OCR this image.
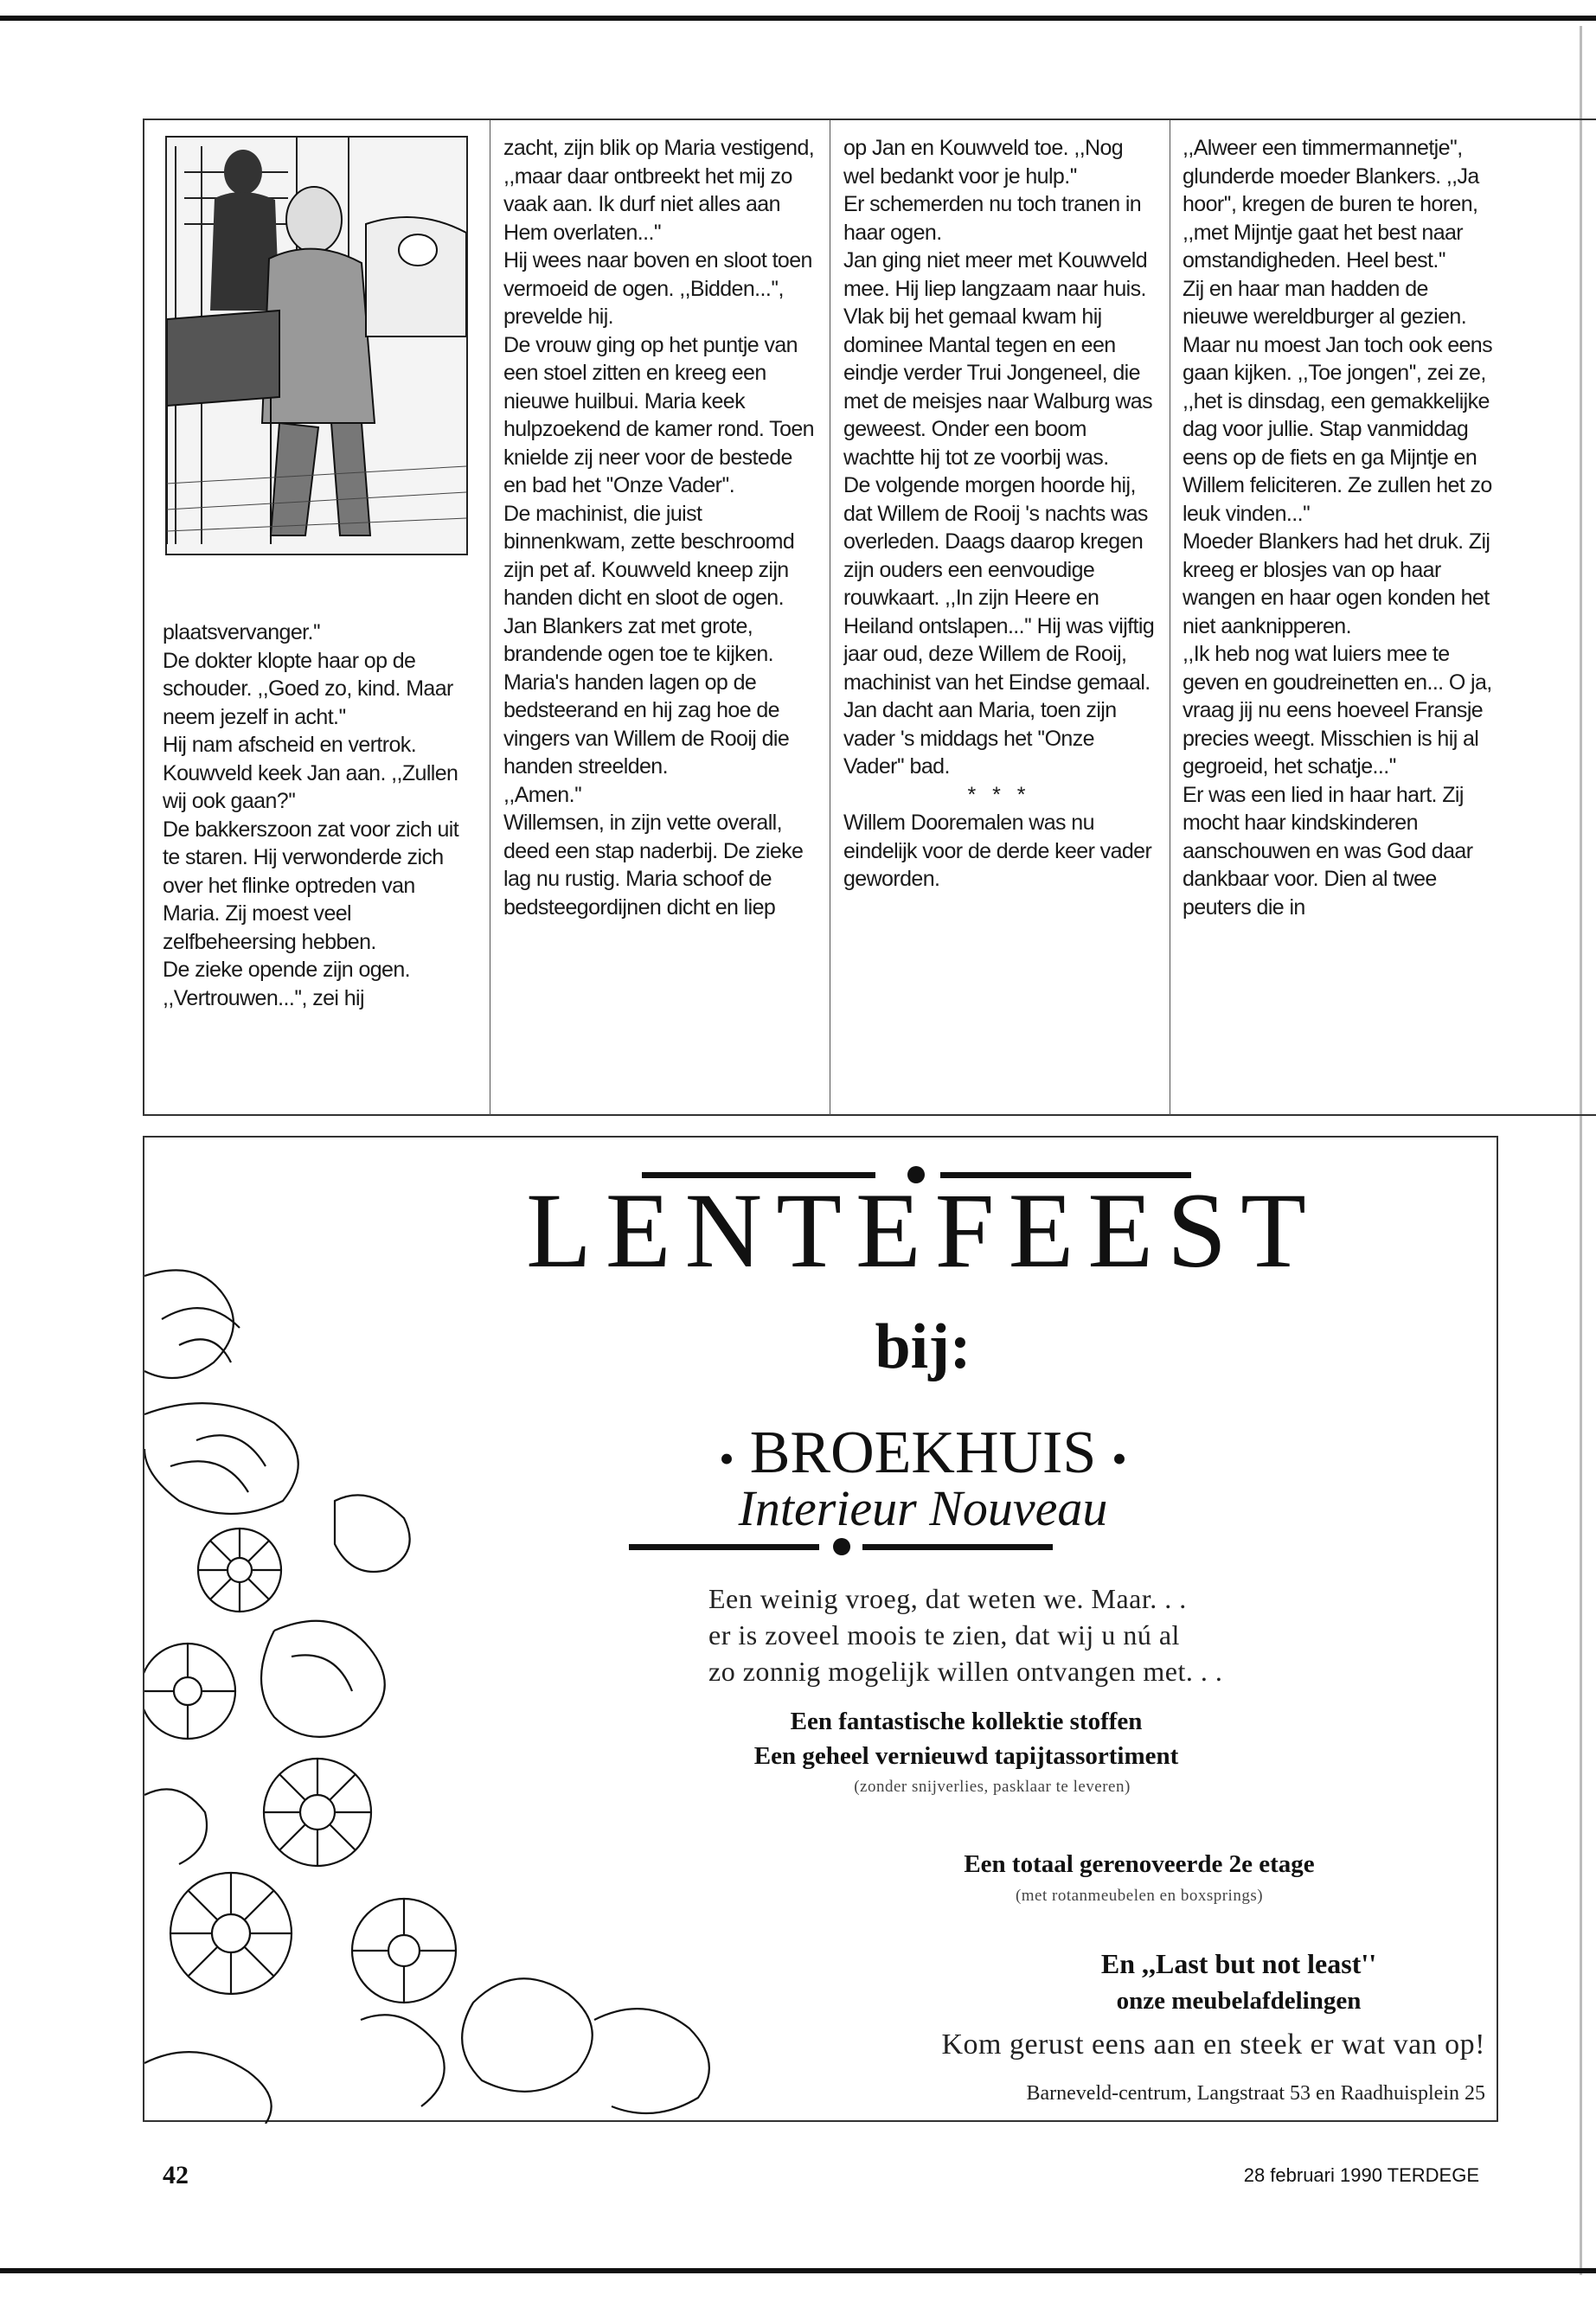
plaatsvervanger.''

De dokter klopte haar op de schouder. ,,Goed zo, kind. Maar neem jezelf in acht.''

Hij nam afscheid en vertrok. Kouwveld keek Jan aan. ,,Zullen wij ook gaan?''

De bakkerszoon zat voor zich uit te staren. Hij verwonderde zich over het flinke optreden van Maria. Zij moest veel zelfbeheersing hebben.

De zieke opende zijn ogen. ,,Vertrouwen...'', zei hij

zacht, zijn blik op Maria vestigend, ,,maar daar ontbreekt het mij zo vaak aan. Ik durf niet alles aan Hem overlaten...''

Hij wees naar boven en sloot toen vermoeid de ogen. ,,Bidden...'', prevelde hij.

De vrouw ging op het puntje van een stoel zitten en kreeg een nieuwe huilbui. Maria keek hulpzoekend de kamer rond. Toen knielde zij neer voor de bestede en bad het ''Onze Vader''.

De machinist, die juist binnenkwam, zette beschroomd zijn pet af. Kouwveld kneep zijn handen dicht en sloot de ogen. Jan Blankers zat met grote, brandende ogen toe te kijken. Maria's handen lagen op de bedsteerand en hij zag hoe de vingers van Willem de Rooij die handen streelden.

,,Amen.''

Willemsen, in zijn vette overall, deed een stap naderbij. De zieke lag nu rustig. Maria schoof de bedsteegordijnen dicht en liep

op Jan en Kouwveld toe. ,,Nog wel bedankt voor je hulp.''

Er schemerden nu toch tranen in haar ogen.

Jan ging niet meer met Kouwveld mee. Hij liep langzaam naar huis. Vlak bij het gemaal kwam hij dominee Mantal tegen en een eindje verder Trui Jongeneel, die met de meisjes naar Walburg was geweest. Onder een boom wachtte hij tot ze voorbij was.

De volgende morgen hoorde hij, dat Willem de Rooij 's nachts was overleden. Daags daarop kregen zijn ouders een eenvoudige rouwkaart. ,,In zijn Heere en Heiland ontslapen...'' Hij was vijftig jaar oud, deze Willem de Rooij, machinist van het Eindse gemaal.

Jan dacht aan Maria, toen zijn vader 's middags het ''Onze Vader'' bad.

* * *

Willem Dooremalen was nu eindelijk voor de derde keer vader geworden.

,,Alweer een timmermannetje'', glunderde moeder Blankers. ,,Ja hoor'', kregen de buren te horen, ,,met Mijntje gaat het best naar omstandigheden. Heel best.''

Zij en haar man hadden de nieuwe wereldburger al gezien. Maar nu moest Jan toch ook eens gaan kijken. ,,Toe jongen'', zei ze, ,,het is dinsdag, een gemakkelijke dag voor jullie. Stap vanmiddag eens op de fiets en ga Mijntje en Willem feliciteren. Ze zullen het zo leuk vinden...''

Moeder Blankers had het druk. Zij kreeg er blosjes van op haar wangen en haar ogen konden het niet aanknipperen.

,,Ik heb nog wat luiers mee te geven en goudreinetten en... O ja, vraag jij nu eens hoeveel Fransje precies weegt. Misschien is hij al gegroeid, het schatje...''

Er was een lied in haar hart. Zij mocht haar kindskinderen aanschouwen en was God daar dankbaar voor. Dien al twee peuters die in

LENTEFEEST
bij:
• BROEKHUIS •
Interieur Nouveau

Een weinig vroeg, dat weten we. Maar. . .

er is zoveel moois te zien, dat wij u nú al

zo zonnig mogelijk willen ontvangen met. . .

Een fantastische kollektie stoffen
Een geheel vernieuwd tapijtassortiment
(zonder snijverlies, pasklaar te leveren)
Een totaal gerenoveerde 2e etage
(met rotanmeubelen en boxsprings)
En ,,Last but not least''
onze meubelafdelingen
Kom gerust eens aan en steek er wat van op!
Barneveld-centrum, Langstraat 53 en Raadhuisplein 25
42	28 februari 1990 TERDEGE
